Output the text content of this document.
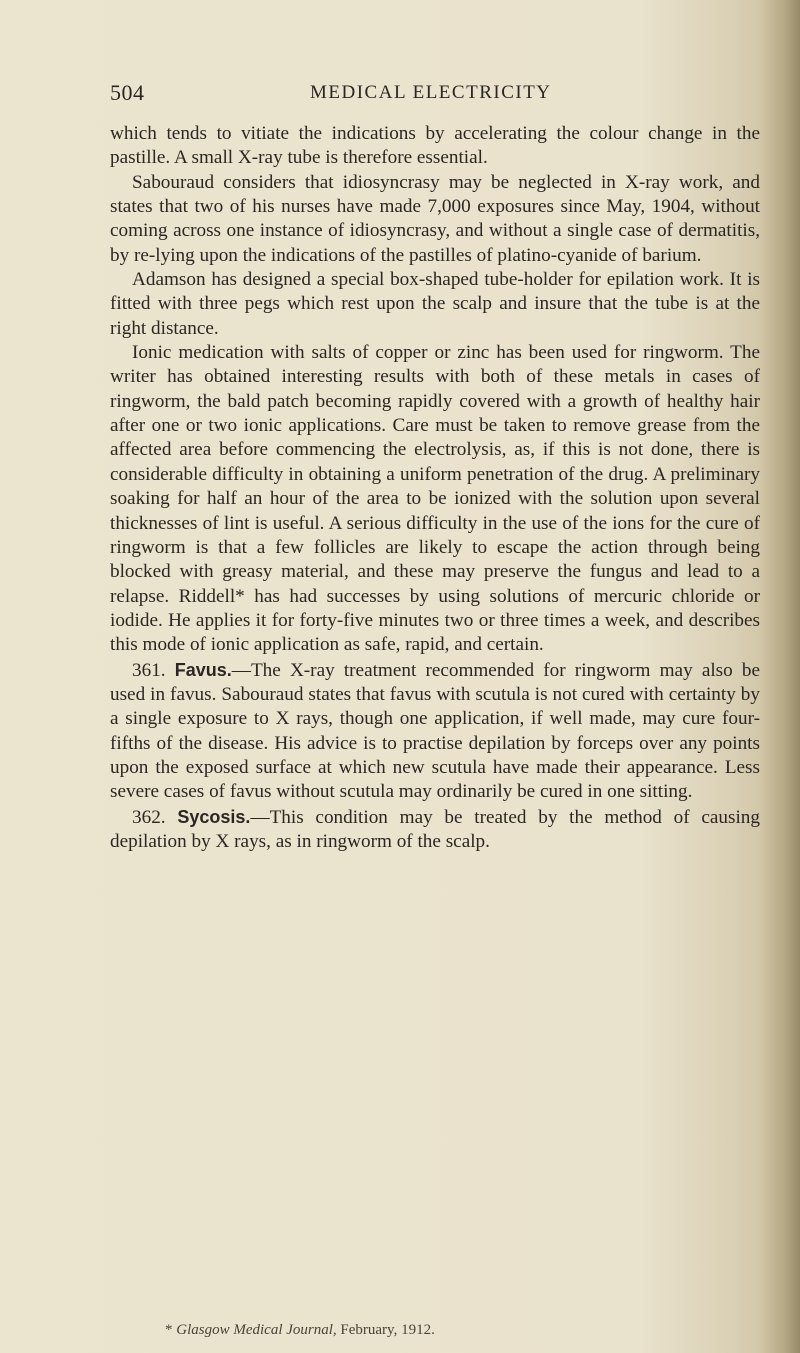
504	MEDICAL ELECTRICITY

which tends to vitiate the indications by accelerating the colour change in the pastille. A small X-ray tube is therefore essential.

Sabouraud considers that idiosyncrasy may be neglected in X-ray work, and states that two of his nurses have made 7,000 exposures since May, 1904, without coming across one instance of idiosyncrasy, and without a single case of dermatitis, by re-lying upon the indications of the pastilles of platino-cyanide of barium.

Adamson has designed a special box-shaped tube-holder for epilation work. It is fitted with three pegs which rest upon the scalp and insure that the tube is at the right distance.

Ionic medication with salts of copper or zinc has been used for ringworm. The writer has obtained interesting results with both of these metals in cases of ringworm, the bald patch becoming rapidly covered with a growth of healthy hair after one or two ionic applications. Care must be taken to remove grease from the affected area before commencing the electrolysis, as, if this is not done, there is considerable difficulty in obtaining a uniform penetration of the drug. A preliminary soaking for half an hour of the area to be ionized with the solution upon several thicknesses of lint is useful. A serious difficulty in the use of the ions for the cure of ringworm is that a few follicles are likely to escape the action through being blocked with greasy material, and these may preserve the fungus and lead to a relapse. Riddell* has had successes by using solutions of mercuric chloride or iodide. He applies it for forty-five minutes two or three times a week, and describes this mode of ionic application as safe, rapid, and certain.

361. Favus.—The X-ray treatment recommended for ringworm may also be used in favus. Sabouraud states that favus with scutula is not cured with certainty by a single exposure to X rays, though one application, if well made, may cure four-fifths of the disease. His advice is to practise depilation by forceps over any points upon the exposed surface at which new scutula have made their appearance. Less severe cases of favus without scutula may ordinarily be cured in one sitting.

362. Sycosis.—This condition may be treated by the method of causing depilation by X rays, as in ringworm of the scalp.

* Glasgow Medical Journal, February, 1912.
